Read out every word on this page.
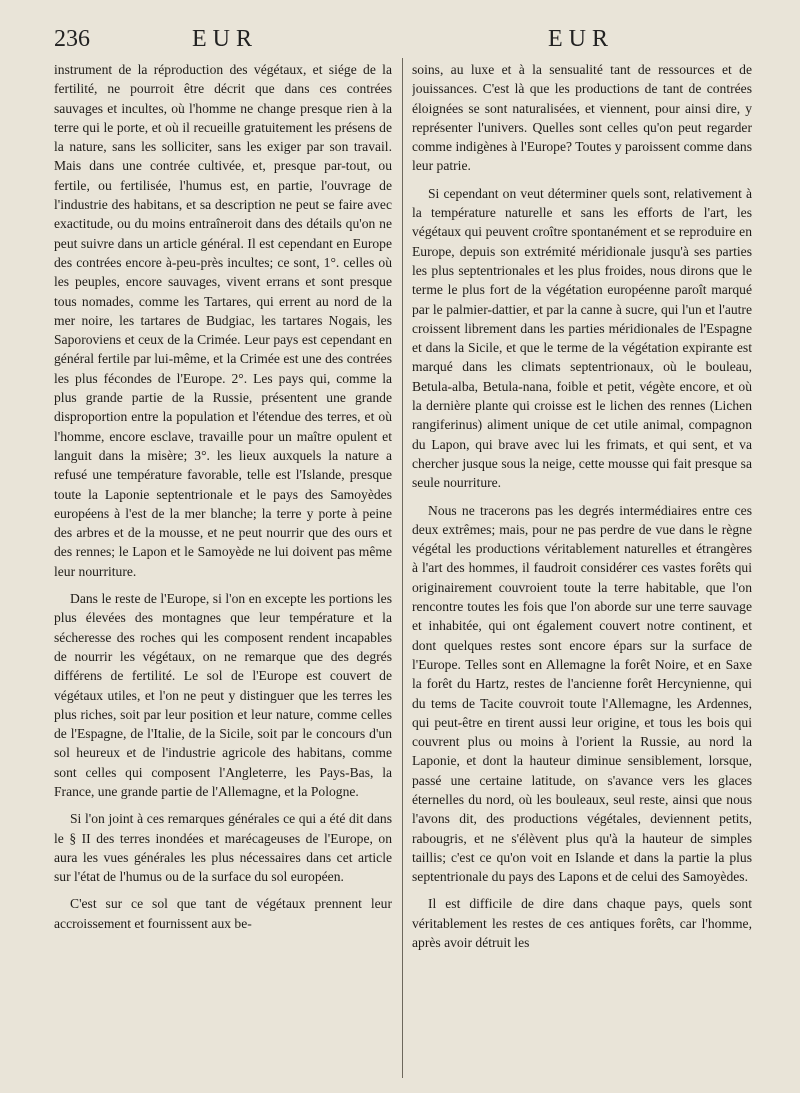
236	EUR	EUR

instrument de la réproduction des végétaux, et siége de la fertilité, ne pourroit être décrit que dans ces contrées sauvages et incultes, où l'homme ne change presque rien à la terre qui le porte, et où il recueille gratuitement les présens de la nature, sans les solliciter, sans les exiger par son travail. Mais dans une contrée cultivée, et, presque par-tout, ou fertile, ou fertilisée, l'humus est, en partie, l'ouvrage de l'industrie des habitans, et sa description ne peut se faire avec exactitude, ou du moins entraîneroit dans des détails qu'on ne peut suivre dans un article général. Il est cependant en Europe des contrées encore à-peu-près incultes; ce sont, 1°. celles où les peuples, encore sauvages, vivent errans et sont presque tous nomades, comme les Tartares, qui errent au nord de la mer noire, les tartares de Budgiac, les tartares Nogais, les Saporoviens et ceux de la Crimée. Leur pays est cependant en général fertile par lui-même, et la Crimée est une des contrées les plus fécondes de l'Europe. 2°. Les pays qui, comme la plus grande partie de la Russie, présentent une grande disproportion entre la population et l'étendue des terres, et où l'homme, encore esclave, travaille pour un maître opulent et languit dans la misère; 3°. les lieux auxquels la nature a refusé une température favorable, telle est l'Islande, presque toute la Laponie septentrionale et le pays des Samoyèdes européens à l'est de la mer blanche; la terre y porte à peine des arbres et de la mousse, et ne peut nourrir que des ours et des rennes; le Lapon et le Samoyède ne lui doivent pas même leur nourriture.

Dans le reste de l'Europe, si l'on en excepte les portions les plus élevées des montagnes que leur température et la sécheresse des roches qui les composent rendent incapables de nourrir les végétaux, on ne remarque que des degrés différens de fertilité. Le sol de l'Europe est couvert de végétaux utiles, et l'on ne peut y distinguer que les terres les plus riches, soit par leur position et leur nature, comme celles de l'Espagne, de l'Italie, de la Sicile, soit par le concours d'un sol heureux et de l'industrie agricole des habitans, comme sont celles qui composent l'Angleterre, les Pays-Bas, la France, une grande partie de l'Allemagne, et la Pologne.

Si l'on joint à ces remarques générales ce qui a été dit dans le § II des terres inondées et marécageuses de l'Europe, on aura les vues générales les plus nécessaires dans cet article sur l'état de l'humus ou de la surface du sol européen.

C'est sur ce sol que tant de végétaux prennent leur accroissement et fournissent aux be-

soins, au luxe et à la sensualité tant de ressources et de jouissances. C'est là que les productions de tant de contrées éloignées se sont naturalisées, et viennent, pour ainsi dire, y représenter l'univers. Quelles sont celles qu'on peut regarder comme indigènes à l'Europe? Toutes y paroissent comme dans leur patrie.

Si cependant on veut déterminer quels sont, relativement à la température naturelle et sans les efforts de l'art, les végétaux qui peuvent croître spontanément et se reproduire en Europe, depuis son extrémité méridionale jusqu'à ses parties les plus septentrionales et les plus froides, nous dirons que le terme le plus fort de la végétation européenne paroît marqué par le palmier-dattier, et par la canne à sucre, qui l'un et l'autre croissent librement dans les parties méridionales de l'Espagne et dans la Sicile, et que le terme de la végétation expirante est marqué dans les climats septentrionaux, où le bouleau, Betula-alba, Betula-nana, foible et petit, végète encore, et où la dernière plante qui croisse est le lichen des rennes (Lichen rangiferinus) aliment unique de cet utile animal, compagnon du Lapon, qui brave avec lui les frimats, et qui sent, et va chercher jusque sous la neige, cette mousse qui fait presque sa seule nourriture.

Nous ne tracerons pas les degrés intermédiaires entre ces deux extrêmes; mais, pour ne pas perdre de vue dans le règne végétal les productions véritablement naturelles et étrangères à l'art des hommes, il faudroit considérer ces vastes forêts qui originairement couvroient toute la terre habitable, que l'on rencontre toutes les fois que l'on aborde sur une terre sauvage et inhabitée, qui ont également couvert notre continent, et dont quelques restes sont encore épars sur la surface de l'Europe. Telles sont en Allemagne la forêt Noire, et en Saxe la forêt du Hartz, restes de l'ancienne forêt Hercynienne, qui du tems de Tacite couvroit toute l'Allemagne, les Ardennes, qui peut-être en tirent aussi leur origine, et tous les bois qui couvrent plus ou moins à l'orient la Russie, au nord la Laponie, et dont la hauteur diminue sensiblement, lorsque, passé une certaine latitude, on s'avance vers les glaces éternelles du nord, où les bouleaux, seul reste, ainsi que nous l'avons dit, des productions végétales, deviennent petits, rabougris, et ne s'élèvent plus qu'à la hauteur de simples taillis; c'est ce qu'on voit en Islande et dans la partie la plus septentrionale du pays des Lapons et de celui des Samoyèdes.

Il est difficile de dire dans chaque pays, quels sont véritablement les restes de ces antiques forêts, car l'homme, après avoir détruit les
